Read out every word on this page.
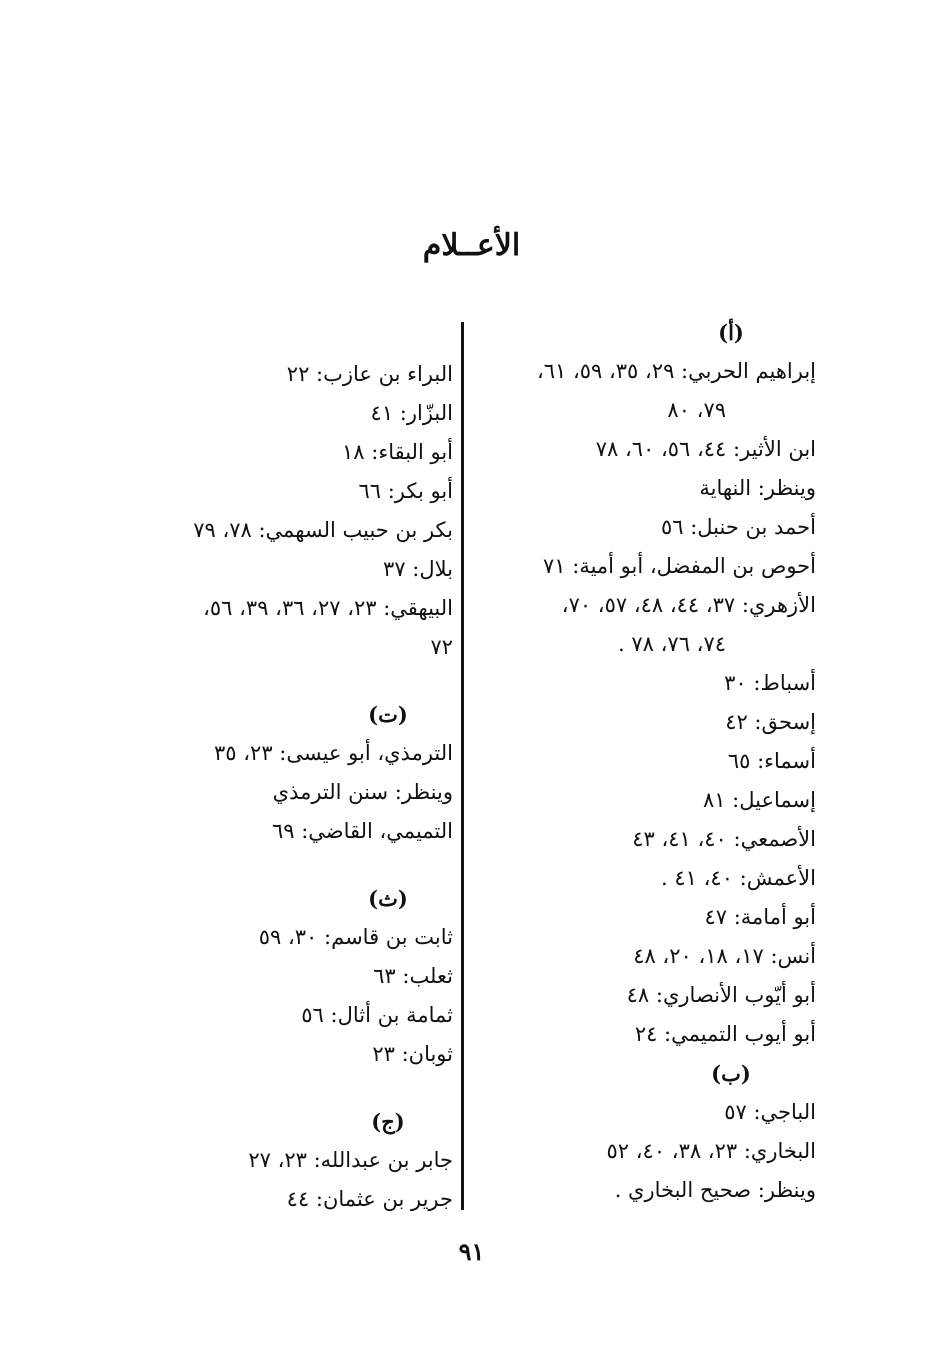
الأعــلام
(أ)
إبراهيم الحربي: ٢٩، ٣٥، ٥٩، ٦١،
٧٩، ٨٠
ابن الأثير: ٤٤، ٥٦، ٦٠، ٧٨
وينظر: النهاية
أحمد بن حنبل: ٥٦
أحوص بن المفضل، أبو أمية: ٧١
الأزهري: ٣٧، ٤٤، ٤٨، ٥٧، ٧٠،
٧٤، ٧٦، ٧٨ .
أسباط: ٣٠
إسحق: ٤٢
أسماء: ٦٥
إسماعيل: ٨١
الأصمعي: ٤٠، ٤١، ٤٣
الأعمش: ٤٠، ٤١ .
أبو أمامة: ٤٧
أنس: ١٧، ١٨، ٢٠، ٤٨
أبو أيّوب الأنصاري: ٤٨
أبو أيوب التميمي: ٢٤
(ب)
الباجي: ٥٧
البخاري: ٢٣، ٣٨، ٤٠، ٥٢
وينظر: صحيح البخاري .
البراء بن عازب: ٢٢
البزّار: ٤١
أبو البقاء: ١٨
أبو بكر: ٦٦
بكر بن حبيب السهمي: ٧٨، ٧٩
بلال: ٣٧
البيهقي: ٢٣، ٢٧، ٣٦، ٣٩، ٥٦،
٧٢
(ت)
الترمذي، أبو عيسى: ٢٣، ٣٥
وينظر: سنن الترمذي
التميمي، القاضي: ٦٩
(ث)
ثابت بن قاسم: ٣٠، ٥٩
ثعلب: ٦٣
ثمامة بن أثال: ٥٦
ثوبان: ٢٣
(ج)
جابر بن عبدالله: ٢٣، ٢٧
جرير بن عثمان: ٤٤
٩١
